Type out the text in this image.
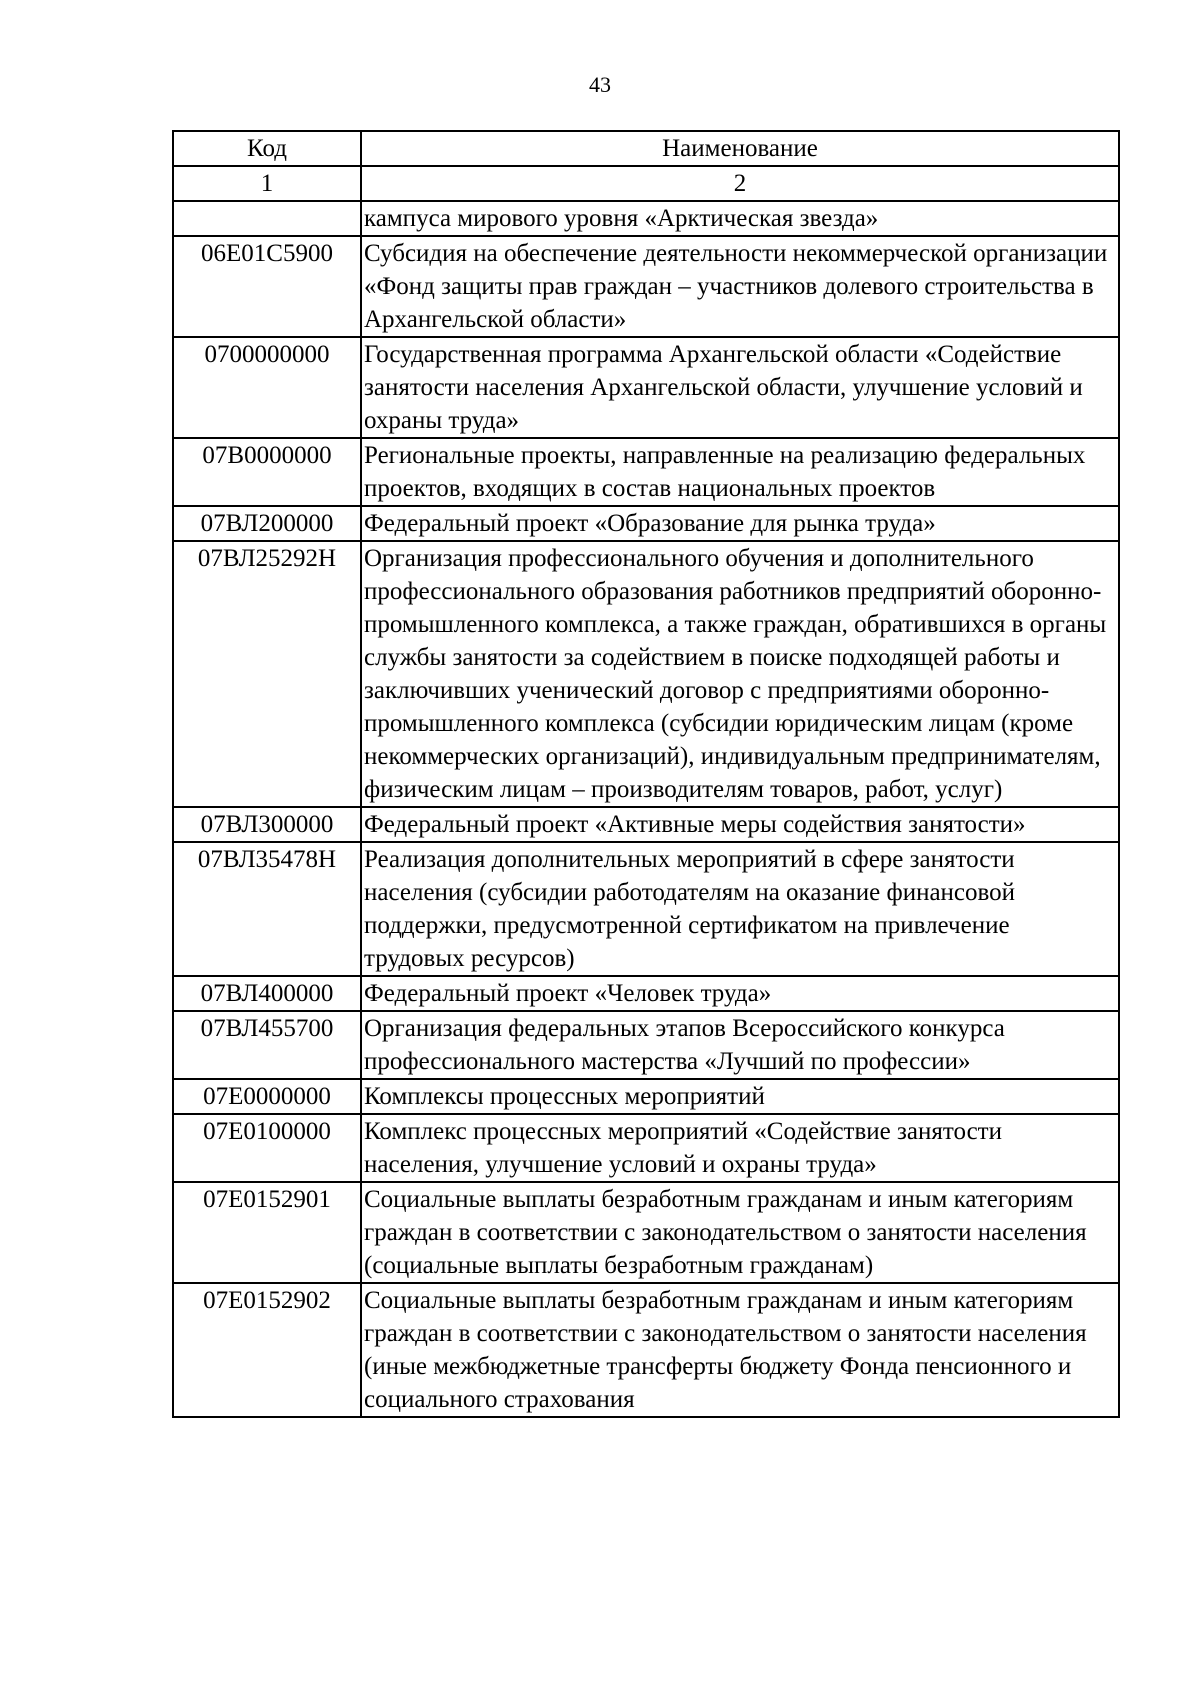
43
Код	Наименование
1	2
	кампуса мирового уровня «Арктическая звезда»
06Е01С5900	Субсидия на обеспечение деятельности некоммерческой организации «Фонд защиты прав граждан – участников долевого строительства в Архангельской области»
0700000000	Государственная программа Архангельской области «Содействие занятости населения Архангельской области, улучшение условий и охраны труда»
07В0000000	Региональные проекты, направленные на реализацию федеральных проектов, входящих в состав национальных проектов
07ВЛ200000	Федеральный проект «Образование для рынка труда»
07ВЛ25292Н	Организация профессионального обучения и дополнительного профессионального образования работников предприятий оборонно-промышленного комплекса, а также граждан, обратившихся в органы службы занятости за содействием в поиске подходящей работы и заключивших ученический договор с предприятиями оборонно-промышленного комплекса (субсидии юридическим лицам (кроме некоммерческих организаций), индивидуальным предпринимателям, физическим лицам – производителям товаров, работ, услуг)
07ВЛ300000	Федеральный проект «Активные меры содействия занятости»
07ВЛ35478Н	Реализация дополнительных мероприятий в сфере занятости населения (субсидии работодателям на оказание финансовой поддержки, предусмотренной сертификатом на привлечение трудовых ресурсов)
07ВЛ400000	Федеральный проект «Человек труда»
07ВЛ455700	Организация федеральных этапов Всероссийского конкурса профессионального мастерства «Лучший по профессии»
07Е0000000	Комплексы процессных мероприятий
07Е0100000	Комплекс процессных мероприятий «Содействие занятости населения, улучшение условий и охраны труда»
07Е0152901	Социальные выплаты безработным гражданам и иным категориям граждан в соответствии с законодательством о занятости населения (социальные выплаты безработным гражданам)
07Е0152902	Социальные выплаты безработным гражданам и иным категориям граждан в соответствии с законодательством о занятости населения (иные межбюджетные трансферты бюджету Фонда пенсионного и социального страхования
